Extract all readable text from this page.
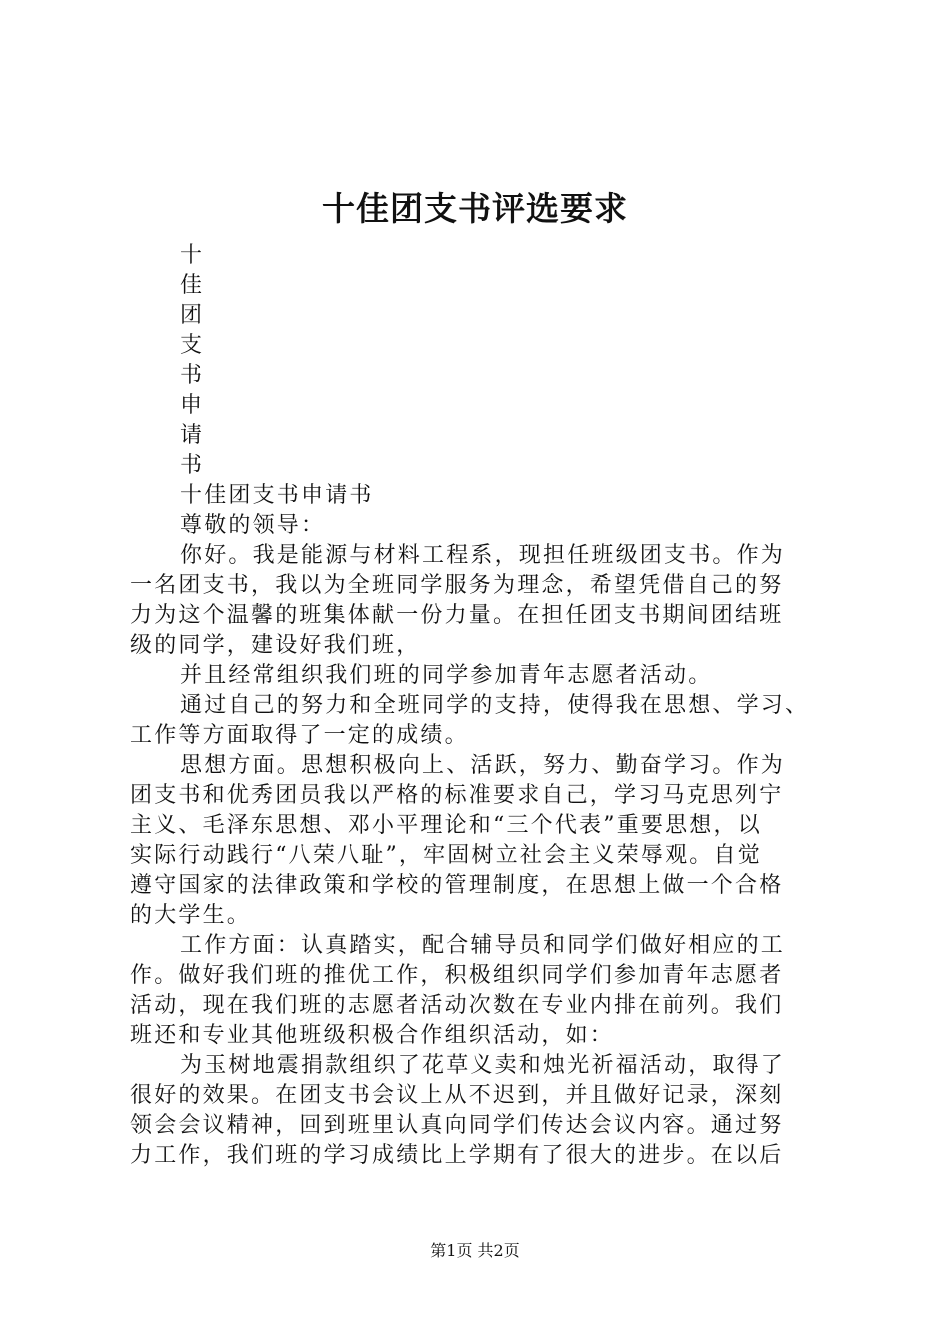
十佳团支书评选要求
十
佳
团
支
书
申
请
书
十佳团支书申请书
尊敬的领导：
你好。我是能源与材料工程系，现担任班级团支书。作为
一名团支书，我以为全班同学服务为理念，希望凭借自己的努
力为这个温馨的班集体献一份力量。在担任团支书期间团结班
级的同学，建设好我们班，
并且经常组织我们班的同学参加青年志愿者活动。
通过自己的努力和全班同学的支持，使得我在思想、学习、
工作等方面取得了一定的成绩。
思想方面。思想积极向上、活跃，努力、勤奋学习。作为
团支书和优秀团员我以严格的标准要求自己，学习马克思列宁
主义、毛泽东思想、邓小平理论和“三个代表”重要思想，以
实际行动践行“八荣八耻”，牢固树立社会主义荣辱观。自觉
遵守国家的法律政策和学校的管理制度，在思想上做一个合格
的大学生。
工作方面：认真踏实，配合辅导员和同学们做好相应的工
作。做好我们班的推优工作，积极组织同学们参加青年志愿者
活动，现在我们班的志愿者活动次数在专业内排在前列。我们
班还和专业其他班级积极合作组织活动，如：
为玉树地震捐款组织了花草义卖和烛光祈福活动，取得了
很好的效果。在团支书会议上从不迟到，并且做好记录，深刻
领会会议精神，回到班里认真向同学们传达会议内容。通过努
力工作，我们班的学习成绩比上学期有了很大的进步。在以后
第1页 共2页
